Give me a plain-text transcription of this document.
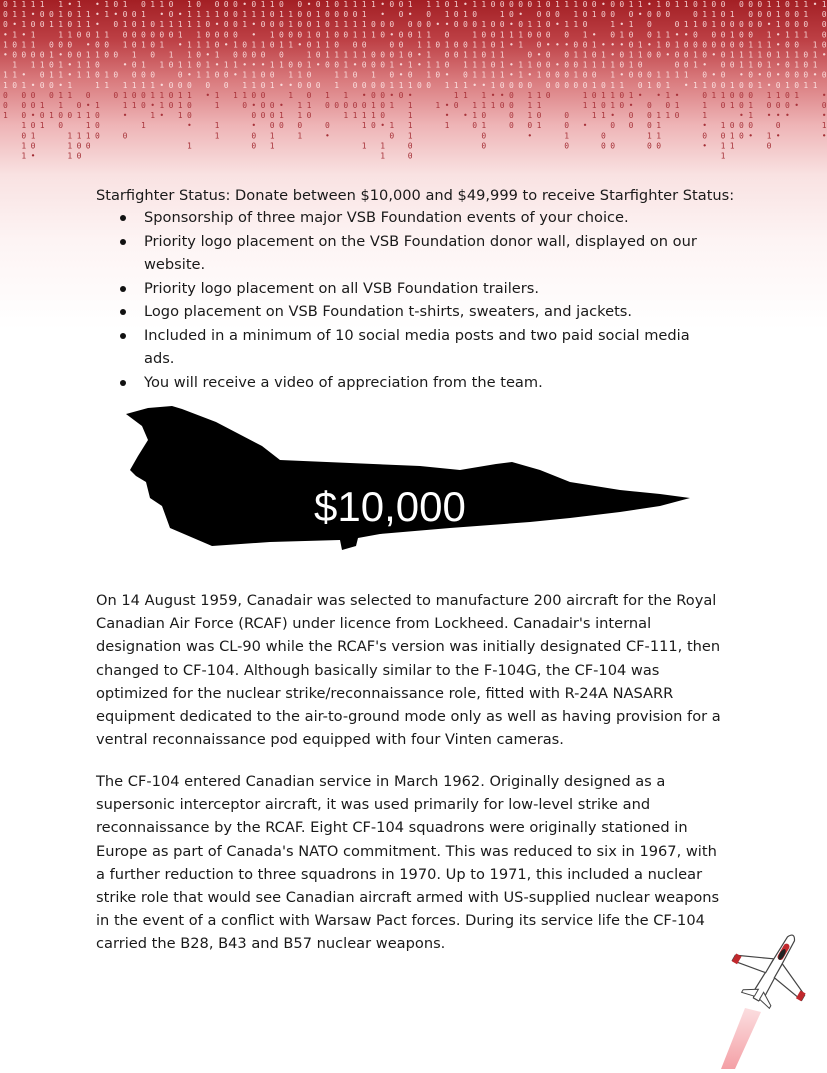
0
0
0
•
1
•
1
1
0
0
1
1
1
•
1
0
0
1
1
0
1
1
1
•
1
0
•
1
0
0
0
1
0
1
1
1
•
0
1
1
0
1
•
0
0
•
0
1
0
•
1
0
0
0
1
0
0
1
0
1
0
1
0
1
0
1
0
0
1
1
1
1
1
0
•
1
1
•
1
1
0
0
•
0
0
1
0
0
•
•
1
1
0
1
1
1
1
1
1
0
0
1
1
0
1
1
0
0
1
1
0
•
1
1
1
0
•
1
1
1
0
•
•
•
1
0
1
0
0
1
1
0
0
0
1
1
1
0
0
1
1
0
•
0
0
0
0
1
0
1
0
1
•
1
1
1
•
0
0
0
0
0
1
0
0
1
0
1
0
1
1
0
1
1
0
1
0
0
1
1
0
0
0
0
0
1
1
•
1
1
•
1
0
1
1
•
1
1
•
0
0
1
0
1
0
0
0
0
•
1
1
•
1
0
0
1
1
1
1
1
1
1
1
1
•
0
1
0
0
•
1
0
1
1
1
1
0
0
1
1
0
0
1
•
1
1
0
•
0
1
•
0
0
1
•
0
1
1
1
1
0
0
0
0
•
1
0
0
0
0
0
0
1
0
1
•
1
•
1
1
0
0
•
1
1
1
0
0
1
•
•
1
0
•
1
1
0
•
0
•
0
0
1
1
0
1
0
•
0
0
0
0
0
1
0
0
1
0
1
0
1
0
0
0
1
1
0
1
0
0
1
0
1
•
•
1
0
1
1
0
1
0
1
•
1
0
0
0
0
•
0
1
0
1
1
0
1
•
0
0
1
0
1
1
0
0
0
1
0
0
1
1
0
1
0
•
0
1
0
0
1
1
1
0
1
0
0
•
0
0
1
0
0
1
0
1
1
0
1
0
1
0
1
1
1
1
0
1
1
0
1
1
0
1
•
0
0
0
1
1
1
1
1
0
1
0
0
•
0
1
1
1
1
0
1
0
0
1
0
0
1
1
0
•
•
0
0
0
0
0
0
0
0
•
1
1
0
0
•
0
0
1
0
1
•
1
1
0
0
0
0
0
1
•
•
1
0
1
•
0
0
0
1
0
1
•
1
1
1
1
0
0
0
1
1
•
•
0
1
0
0
1
1
1
1
1
0
1
•
0
1
0
1
0
1
•
0
1
0
0
•
1
•
•
1
1
0
0
0
0
1
1
0
•
1
0
0
1
1
0
1
1
•
1
0
0
1
1
1
1
1
•
1
1
0
1
1
0
1
0
1
1
•
1
1
0
1
0
0
0
0
0
0
1
0
1
1
•
1
0
1
0
1
1
1
1
1
0
•
0
0
0
•
1
•
•
•
0
0
0
0
0
0
•
0
1
1
1
1
0
0
1
0
0
1
•
0
1
1
1
0
•
1
0
1
0
0
•
0
1
1
1
0
1
0
0
0
0
•
0
0
0
0
0
1
0
•
•
•
0
0
1
1
0
•
0
0
0
0
0
0
1
0
1
1
1
0
1
0
1
0
0
0
0
1
0
1
1
0
0
1
1
•
0
1
•
1
0
1
0
1
0
1
1
•
0
•
1
1
0
1
0
1
0
0
0
0
1
0
•
•
1
1
1
1
1
•
0
0
0
•
1
•
0
0
•
1
0
0
1
0
1
0
0
1
1
0
1
•
0
0
1
•
1
1
0
0
0
•
•
0
0
0
•
0
0
1
0
0
0
1
0
1
0
1
1
0
1
0
•
1
1
1
0
0
0
1
0
•
1
1
1
0
1
1
0
•
1
0
0
1
•
1
0
1
1
•
0
0
0
1
•
0
0
1
0
0
1
1
1
1
1
0
0
0
•
0
1
0
1
1
•
0
•
0
1
1
0
0
•
•
0
1
0
0
0
0
0
0
0
0
0
1
0
1
0
1
1
1
0
1
0
1
0
1
0
1
0
1
1
0
0
0
0
1
1
•
0
0
0
•
0
0
0
0
0
0
1
1
1
0
0
0
1
1
0
•
0
0
0
1
1
0
•
1
1
0
•
1
1
0
1
0
•
1
0
•
1
0
1
1
1
•
•
1
•
•
0
1
0
•
0
•
0
0
0
1
0
1
0
0
1
0
0
•
1
0
0
1
0
1
1
0
0
1
•
1
1
0
1
0
0
0
1
•
1
1
1
•
1
1
0
0
0
0
•
0
•
0
•
1
•

Starfighter Status: Donate between $10,000 and $49,999 to receive Starfighter Status:

Sponsorship of three major VSB Foundation events of your choice.
Priority logo placement on the VSB Foundation donor wall, displayed on our website.
Priority logo placement on all VSB Foundation trailers.
Logo placement on VSB Foundation t-shirts, sweaters, and jackets.
Included in a minimum of 10 social media posts and two paid social media ads.
You will receive a video of appreciation from the team.
$10,000

On 14 August 1959, Canadair was selected to manufacture 200 aircraft for the Royal Canadian Air Force (RCAF) under licence from Lockheed. Canadair's internal designation was CL-90 while the RCAF's version was initially designated CF-111, then changed to CF-104. Although basically similar to the F-104G, the CF-104 was optimized for the nuclear strike/reconnaissance role, fitted with R-24A NASARR equipment dedicated to the air-to-ground mode only as well as having provision for a ventral reconnaissance pod equipped with four Vinten cameras.

The CF-104 entered Canadian service in March 1962. Originally designed as a supersonic interceptor aircraft, it was used primarily for low-level strike and reconnaissance by the RCAF. Eight CF-104 squadrons were originally stationed in Europe as part of Canada's NATO commitment. This was reduced to six in 1967, with a further reduction to three squadrons in 1970. Up to 1971, this included a nuclear strike role that would see Canadian aircraft armed with US-supplied nuclear weapons in the event of a conflict with Warsaw Pact forces. During its service life the CF-104 carried the B28, B43 and B57 nuclear weapons.
